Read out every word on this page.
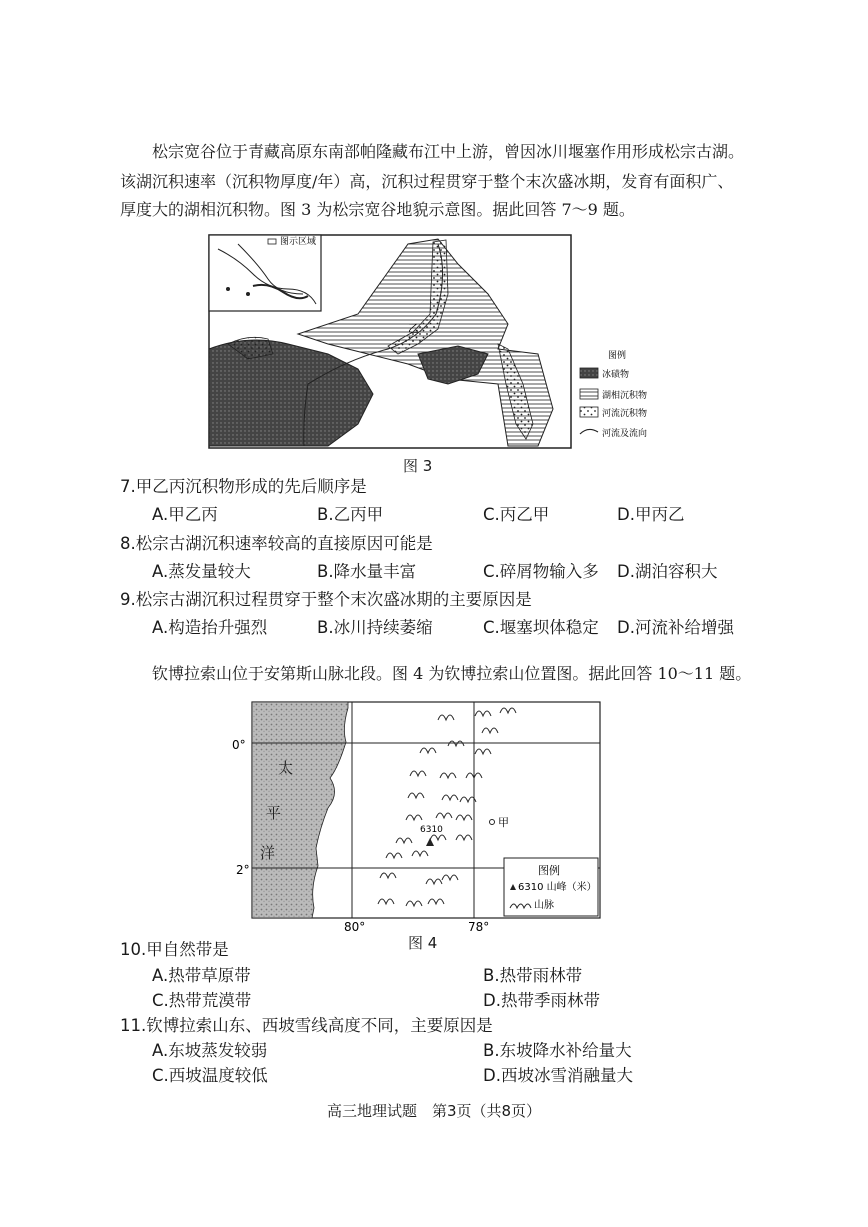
松宗宽谷位于青藏高原东南部帕隆藏布江中上游，曾因冰川堰塞作用形成松宗古湖。
该湖沉积速率（沉积物厚度/年）高，沉积过程贯穿于整个末次盛冰期，发育有面积广、
厚度大的湖相沉积物。图 3 为松宗宽谷地貌示意图。据此回答 7～9 题。
图示区域
乙
图例
冰碛物
湖相沉积物
河流沉积物
河流及流向
图 3
7.甲乙丙沉积物形成的先后顺序是
A.甲乙丙	B.乙丙甲	C.丙乙甲	D.甲丙乙
8.松宗古湖沉积速率较高的直接原因可能是
A.蒸发量较大	B.降水量丰富	C.碎屑物输入多 D.湖泊容积大
9.松宗古湖沉积过程贯穿于整个末次盛冰期的主要原因是
A.构造抬升强烈	B.冰川持续萎缩	C.堰塞坝体稳定 D.河流补给增强
钦博拉索山位于安第斯山脉北段。图 4 为钦博拉索山位置图。据此回答 10～11 题。
0°
2°
太
平
洋
6310
甲
图例
6310 山峰（米）
山脉
80°	78°
图 4
10.甲自然带是
A.热带草原带	B.热带雨林带
C.热带荒漠带	D.热带季雨林带
11.钦博拉索山东、西坡雪线高度不同，主要原因是
A.东坡蒸发较弱	B.东坡降水补给量大
C.西坡温度较低	D.西坡冰雪消融量大
高三地理试题　第3页（共8页）
